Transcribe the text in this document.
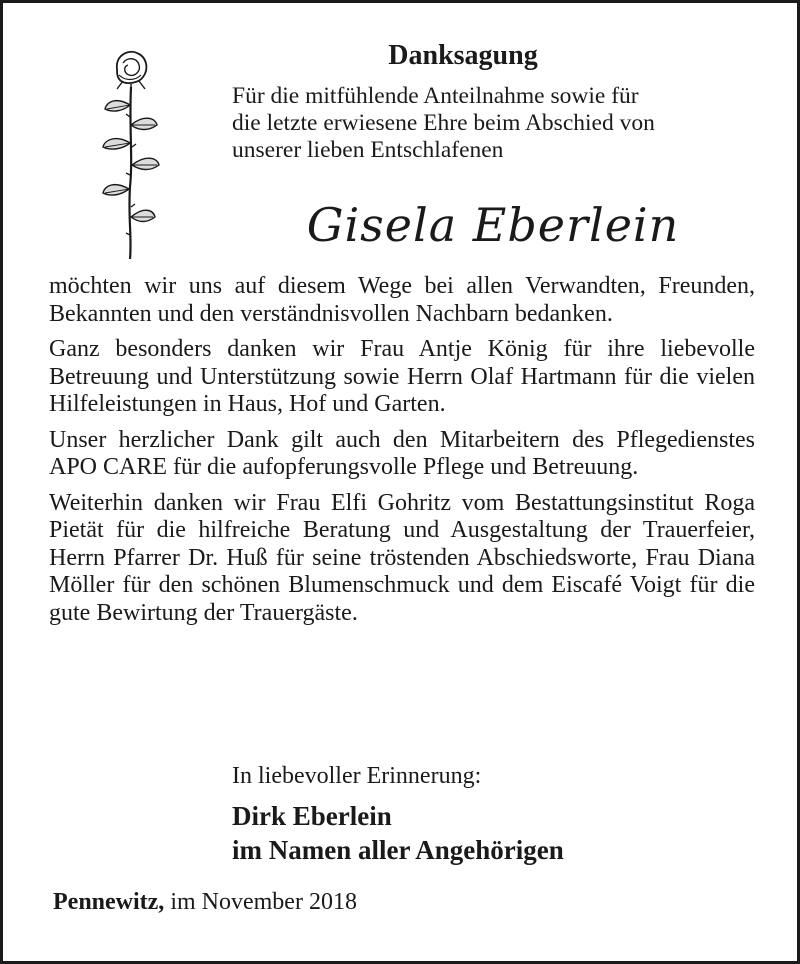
Danksagung

Für die mitfühlende Anteilnahme sowie für
die letzte erwiesene Ehre beim Abschied von
unserer lieben Entschlafenen

Gisela Eberlein

möchten wir uns auf diesem Wege bei allen Verwandten, Freunden, Bekannten und den verständnisvollen Nachbarn bedanken.

Ganz besonders danken wir Frau Antje König für ihre liebevolle Betreuung und Unterstützung sowie Herrn Olaf Hartmann für die vielen Hilfeleistungen in Haus, Hof und Garten.

Unser herzlicher Dank gilt auch den Mitarbeitern des Pflegedienstes APO CARE für die aufopferungsvolle Pflege und Betreuung.

Weiterhin danken wir Frau Elfi Gohritz vom Bestattungsinstitut Roga Pietät für die hilfreiche Beratung und Ausgestaltung der Trauerfeier, Herrn Pfarrer Dr. Huß für seine tröstenden Abschiedsworte, Frau Diana Möller für den schönen Blumenschmuck und dem Eiscafé Voigt für die gute Bewirtung der Trauergäste.

In liebevoller Erinnerung:

Dirk Eberlein
im Namen aller Angehörigen
Pennewitz, im November 2018
